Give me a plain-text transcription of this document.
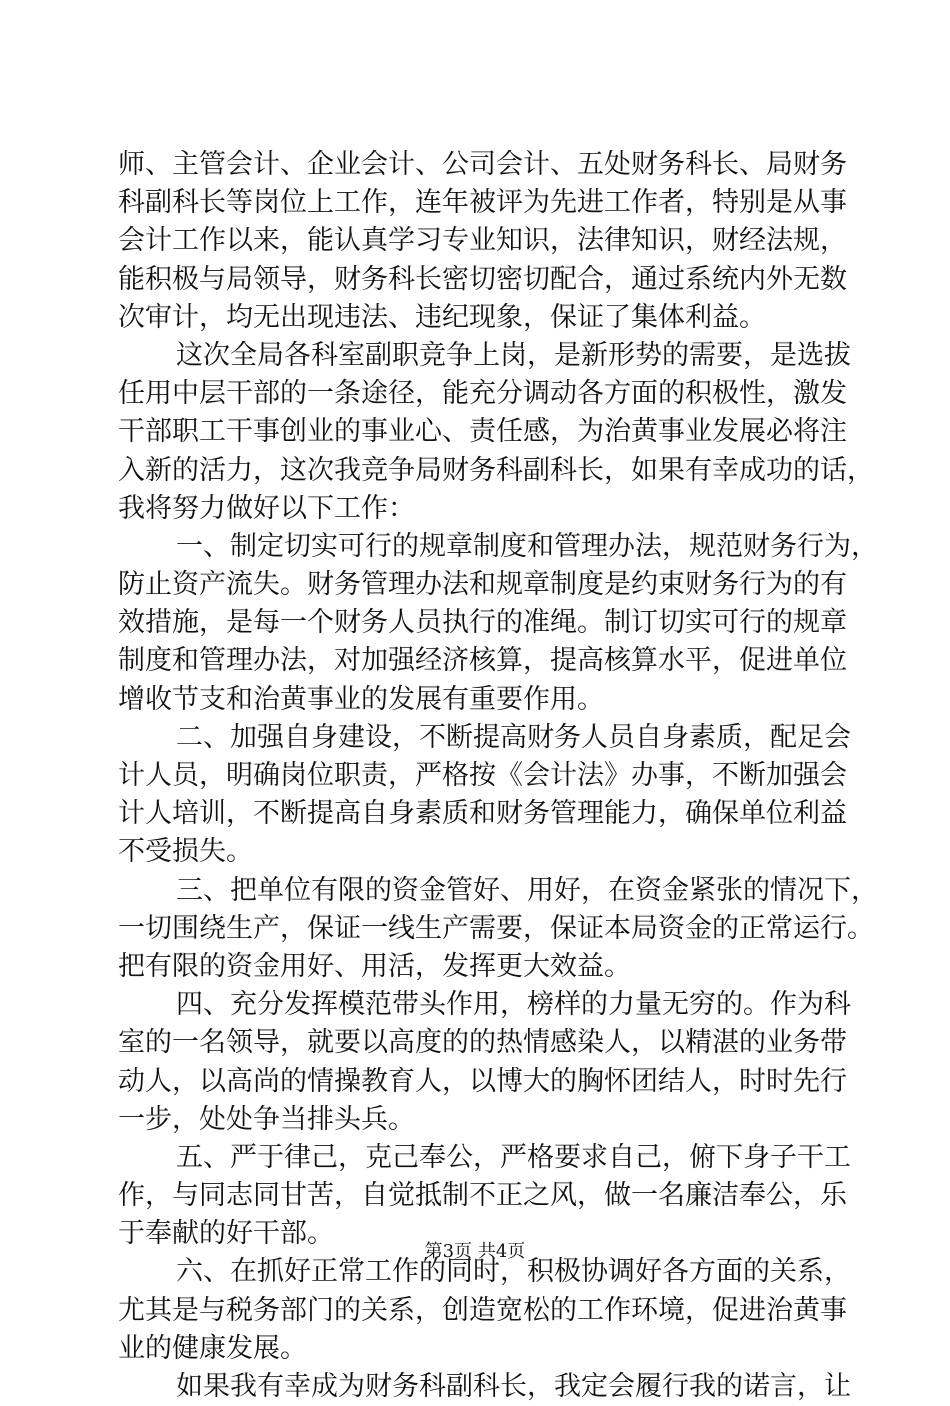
师、主管会计、企业会计、公司会计、五处财务科长、局财务
科副科长等岗位上工作，连年被评为先进工作者，特别是从事
会计工作以来，能认真学习专业知识，法律知识，财经法规，
能积极与局领导，财务科长密切密切配合，通过系统内外无数
次审计，均无出现违法、违纪现象，保证了集体利益。
这次全局各科室副职竞争上岗，是新形势的需要，是选拔
任用中层干部的一条途径，能充分调动各方面的积极性，激发
干部职工干事创业的事业心、责任感，为治黄事业发展必将注
入新的活力，这次我竞争局财务科副科长，如果有幸成功的话，
我将努力做好以下工作：
一、制定切实可行的规章制度和管理办法，规范财务行为，
防止资产流失。财务管理办法和规章制度是约束财务行为的有
效措施，是每一个财务人员执行的准绳。制订切实可行的规章
制度和管理办法，对加强经济核算，提高核算水平，促进单位
增收节支和治黄事业的发展有重要作用。
二、加强自身建设，不断提高财务人员自身素质，配足会
计人员，明确岗位职责，严格按《会计法》办事，不断加强会
计人培训，不断提高自身素质和财务管理能力，确保单位利益
不受损失。
三、把单位有限的资金管好、用好，在资金紧张的情况下，
一切围绕生产，保证一线生产需要，保证本局资金的正常运行。
把有限的资金用好、用活，发挥更大效益。
四、充分发挥模范带头作用，榜样的力量无穷的。作为科
室的一名领导，就要以高度的的热情感染人，以精湛的业务带
动人，以高尚的情操教育人，以博大的胸怀团结人，时时先行
一步，处处争当排头兵。
五、严于律己，克己奉公，严格要求自己，俯下身子干工
作，与同志同甘苦，自觉抵制不正之风，做一名廉洁奉公，乐
于奉献的好干部。
六、在抓好正常工作的同时，积极协调好各方面的关系，
尤其是与税务部门的关系，创造宽松的工作环境，促进治黄事
业的健康发展。
如果我有幸成为财务科副科长，我定会履行我的诺言，让
第3页 共4页
